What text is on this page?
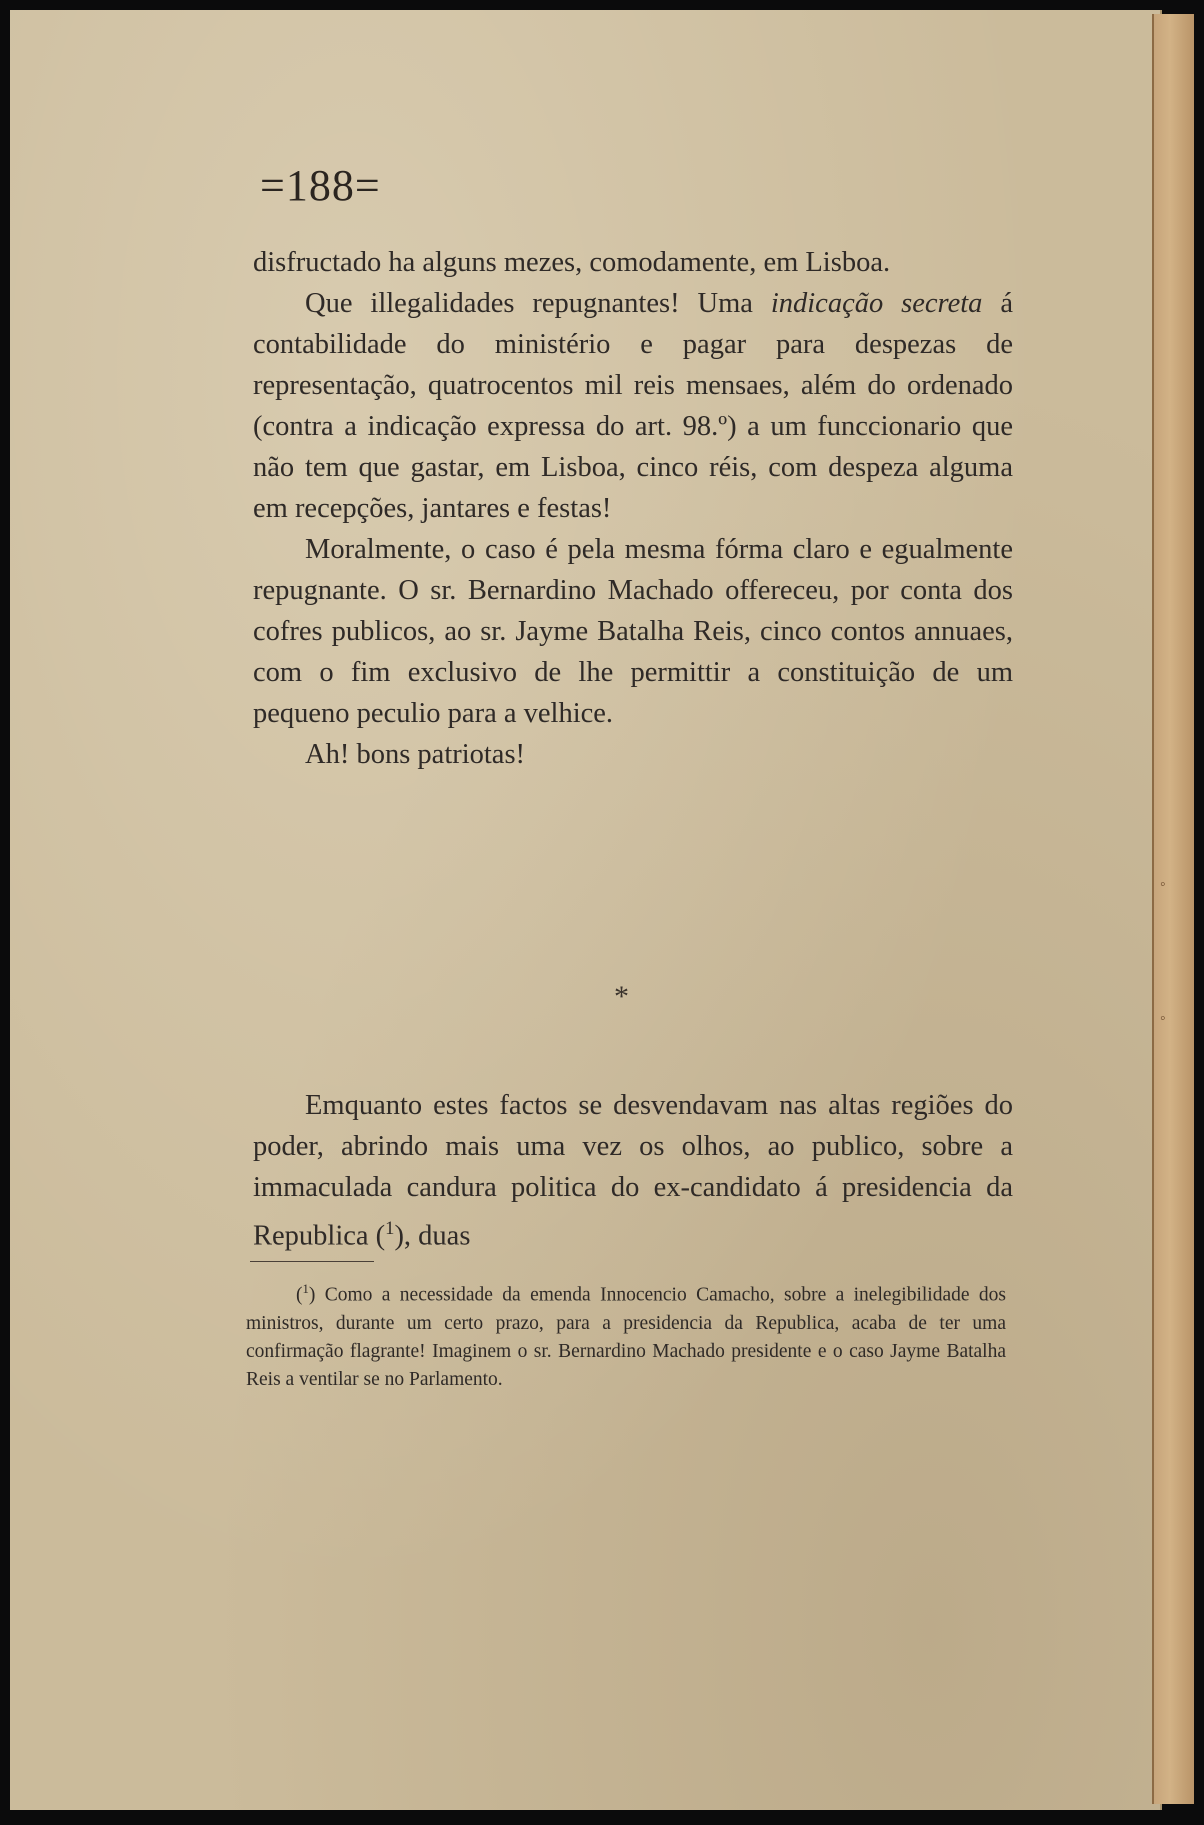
=188=

disfructado ha alguns mezes, comodamente, em Lisboa.

Que illegalidades repugnantes! Uma indicação secreta á contabilidade do ministério e pagar para despezas de representação, quatrocentos mil reis mensaes, além do ordenado (contra a indicação expressa do art. 98.º) a um funccionario que não tem que gastar, em Lisboa, cinco réis, com despeza alguma em recepções, jantares e festas!

Moralmente, o caso é pela mesma fórma claro e egualmente repugnante. O sr. Bernardino Machado offereceu, por conta dos cofres publicos, ao sr. Jayme Batalha Reis, cinco contos annuaes, com o fim exclusivo de lhe permittir a constituição de um pequeno peculio para a velhice.

Ah! bons patriotas!

*

Emquanto estes factos se desvendavam nas altas regiões do poder, abrindo mais uma vez os olhos, ao publico, sobre a immaculada candura politica do ex-candidato á presidencia da Republica ($^1$), duas

($^1$) Como a necessidade da emenda Innocencio Camacho, sobre a inelegibilidade dos ministros, durante um certo prazo, para a presidencia da Republica, acaba de ter uma confirmação flagrante! Imaginem o sr. Bernardino Machado presidente e o caso Jayme Batalha Reis a ventilar se no Parlamento.

◦
◦
